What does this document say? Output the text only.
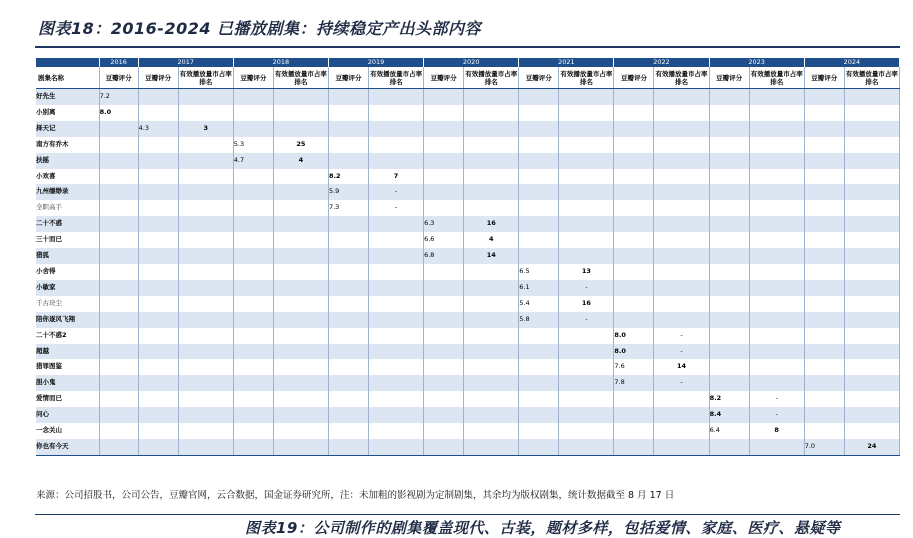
图表18：2016-2024 已播放剧集：持续稳定产出头部内容
	2016	2017		2018		2019		2020		2021		2022		2023		2024	
剧集名称	豆瓣评分	豆瓣评分	有效播放量市占率排名	豆瓣评分	有效播放量市占率排名	豆瓣评分	有效播放量市占率排名	豆瓣评分	有效播放量市占率排名	豆瓣评分	有效播放量市占率排名	豆瓣评分	有效播放量市占率排名	豆瓣评分	有效播放量市占率排名	豆瓣评分	有效播放量市占率排名
好先生	7.2																
小别离	8.0																
择天记		4.3	3														
南方有乔木				5.3	25												
扶摇				4.7	4												
小欢喜						8.2	7										
九州缥缈录						5.9	-										
全职高手						7.3	-										
二十不惑								6.3	16								
三十而已								6.6	4								
猎狐								6.8	14								
小舍得										6.5	13						
小敏家										6.1	-						
千古玦尘										5.4	16						
陪你逐风飞翔										5.8	-						
二十不惑2												8.0	-				
超越												8.0	-				
猎罪图鉴												7.6	14				
胆小鬼												7.8	-				
爱情而已														8.2	-		
问心														8.4	-		
一念关山														6.4	8		
你也有今天																7.0	24
来源：公司招股书，公司公告，豆瓣官网，云合数据，国金证券研究所，注：未加粗的影视剧为定制剧集，其余均为版权剧集，统计数据截至 8 月 17 日
图表19：公司制作的剧集覆盖现代、古装，题材多样，包括爱情、家庭、医疗、悬疑等
